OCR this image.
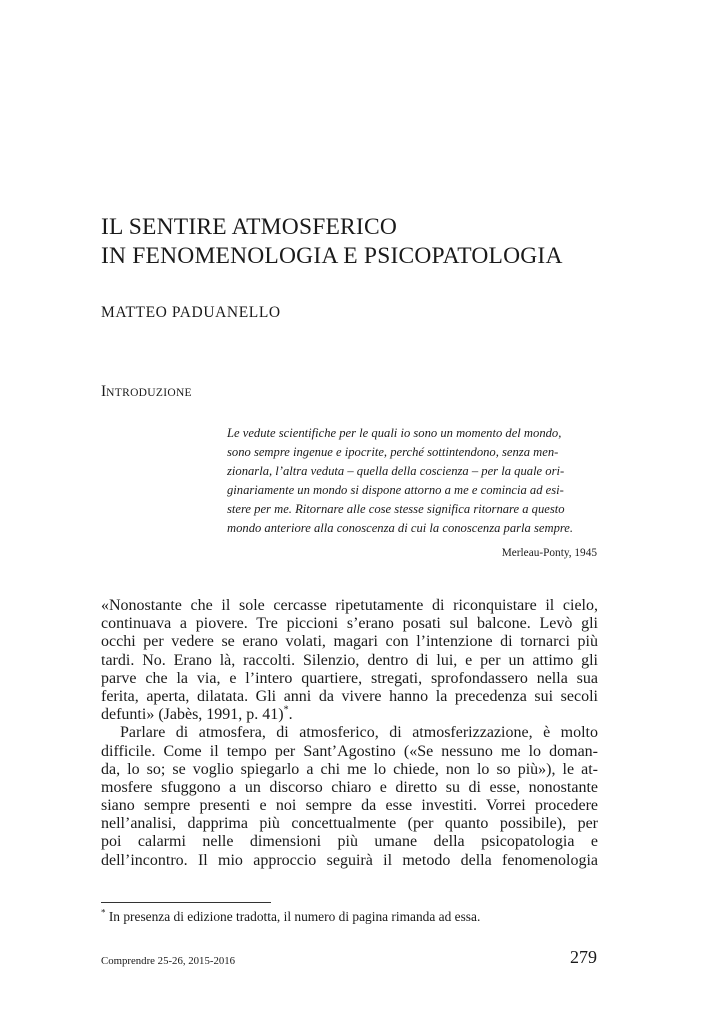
IL SENTIRE ATMOSFERICO
IN FENOMENOLOGIA E PSICOPATOLOGIA
MATTEO PADUANELLO
INTRODUZIONE
Le vedute scientifiche per le quali io sono un momento del mondo,
sono sempre ingenue e ipocrite, perché sottintendono, senza men-
zionarla, l’altra veduta – quella della coscienza – per la quale ori-
ginariamente un mondo si dispone attorno a me e comincia ad esi-
stere per me. Ritornare alle cose stesse significa ritornare a questo
mondo anteriore alla conoscenza di cui la conoscenza parla sempre.
Merleau-Ponty, 1945
«Nonostante che il sole cercasse ripetutamente di riconquistare il cielo,
continuava a piovere. Tre piccioni s’erano posati sul balcone. Levò gli
occhi per vedere se erano volati, magari con l’intenzione di tornarci più
tardi. No. Erano là, raccolti. Silenzio, dentro di lui, e per un attimo gli
parve che la via, e l’intero quartiere, stregati, sprofondassero nella sua
ferita, aperta, dilatata. Gli anni da vivere hanno la precedenza sui secoli
defunti» (Jabès, 1991, p. 41)*.
Parlare di atmosfera, di atmosferico, di atmosferizzazione, è molto
difficile. Come il tempo per Sant’Agostino («Se nessuno me lo doman-
da, lo so; se voglio spiegarlo a chi me lo chiede, non lo so più»), le at-
mosfere sfuggono a un discorso chiaro e diretto su di esse, nonostante
siano sempre presenti e noi sempre da esse investiti. Vorrei procedere
nell’analisi, dapprima più concettualmente (per quanto possibile), per
poi calarmi nelle dimensioni più umane della psicopatologia e
dell’incontro. Il mio approccio seguirà il metodo della fenomenologia
* In presenza di edizione tradotta, il numero di pagina rimanda ad essa.
Comprendre 25-26, 2015-2016	279
